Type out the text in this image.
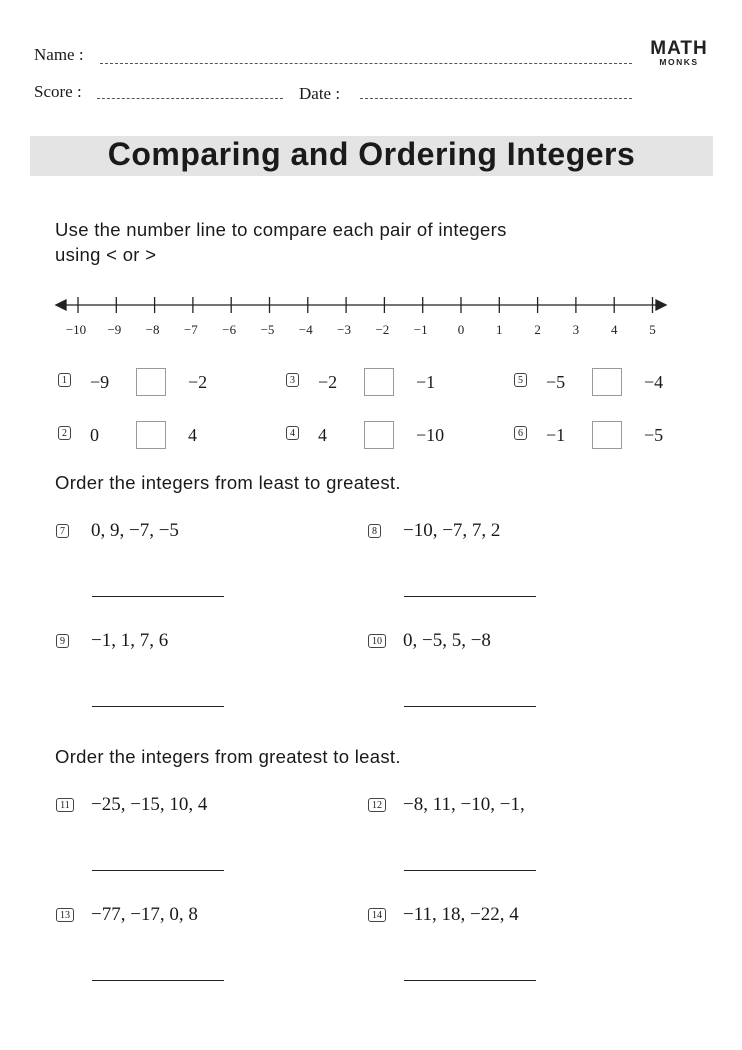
Name :
Score :	Date :
MATH
MONKS
Comparing and Ordering Integers
Use the number line to compare each pair of integers
using < or >
−10 −9 −8 −7 −6 −5 −4 −3 −2 −1 0 1 2 3 4 5
1 −9	−2
2 0	4
3 −2	−1
4 4	−10
5 −5	−4
6 −1	−5
Order the integers from least to greatest.
7 0, 9, −7, −5	8 −10, −7, 7, 2
9 −1, 1, 7, 6	10 0, −5, 5, −8
Order the integers from greatest to least.
11 −25, −15, 10, 4	12 −8, 11, −10, −1,
13 −77, −17, 0, 8	14 −11, 18, −22, 4
